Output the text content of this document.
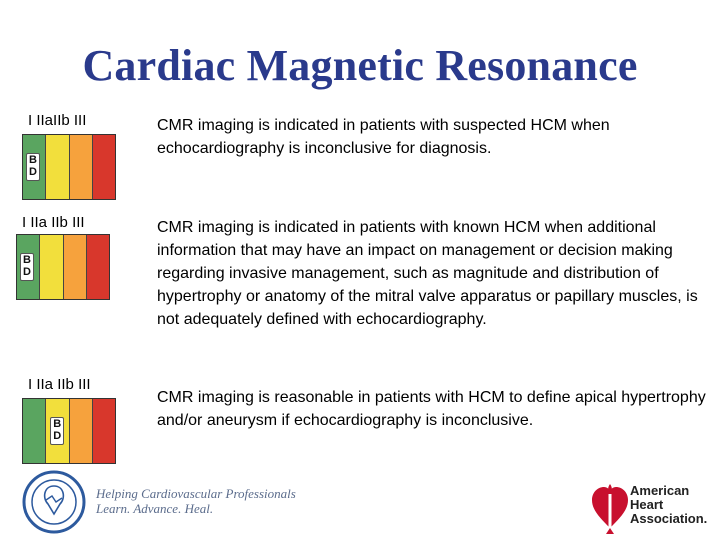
Cardiac Magnetic Resonance
I IIaIIb III
B
D
CMR imaging is indicated in patients with suspected HCM when echocardiography is inconclusive for diagnosis.
I IIa IIb III
B
D
CMR imaging is indicated in patients with known HCM when additional information that may have an impact on management or decision making regarding invasive management, such as magnitude and distribution of hypertrophy or anatomy of the mitral valve apparatus or papillary muscles, is not adequately defined with echocardiography.
I IIa IIb III
B
D
CMR imaging is reasonable in patients with HCM to define apical hypertrophy and/or aneurysm if echocardiography is inconclusive.
Helping Cardiovascular Professionals
Learn. Advance. Heal.
American
Heart
Association.
